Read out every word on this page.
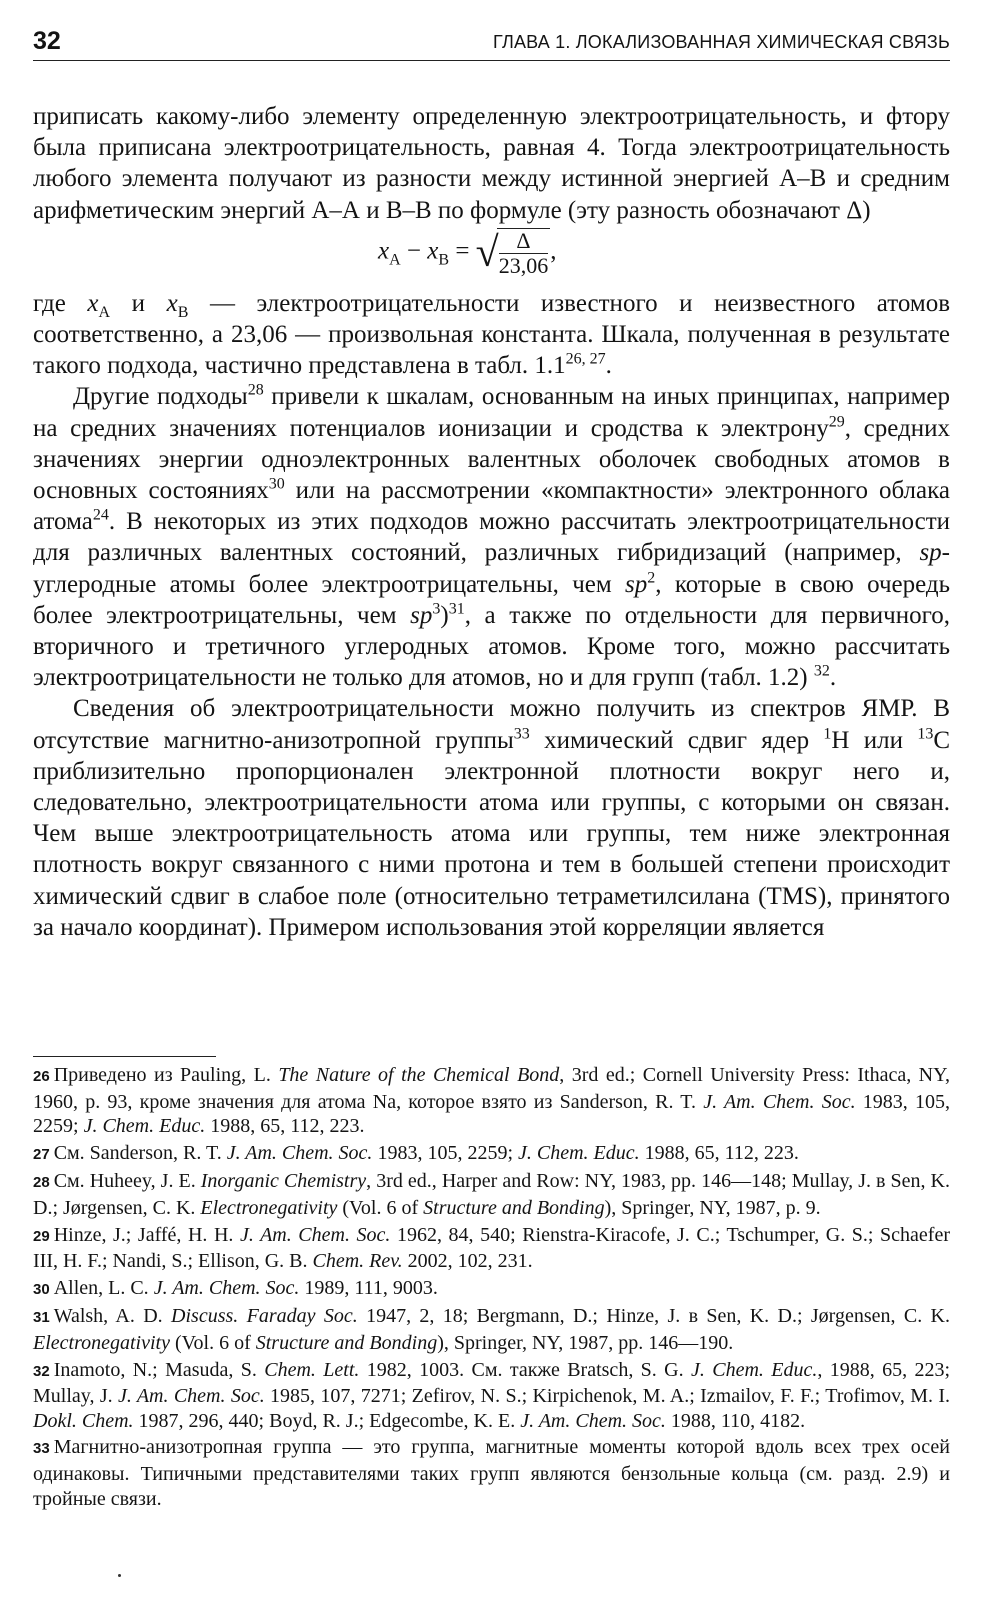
32	ГЛАВА 1. ЛОКАЛИЗОВАННАЯ ХИМИЧЕСКАЯ СВЯЗЬ

приписать какому-либо элементу определенную электроотрицательность, и фтору была приписана электроотрицательность, равная 4. Тогда электроотрицательность любого элемента получают из разности между истинной энергией А–В и средним арифметическим энергий А–А и В–В по формуле (эту разность обозначают Δ)

$x_A - x_B$ = √
$\frac{\Delta}{23,06}$ ,

где $x_A$ и $x_B$ — электроотрицательности известного и неизвестного атомов соответственно, а 23,06 — произвольная константа. Шкала, полученная в результате такого подхода, частично представлена в табл. 1.1$^{26, 27}$.

Другие подходы$^{28}$ привели к шкалам, основанным на иных принципах, например на средних значениях потенциалов ионизации и сродства к электрону$^{29}$, средних значениях энергии одноэлектронных валентных оболочек свободных атомов в основных состояниях$^{30}$ или на рассмотрении «компактности» электронного облака атома$^{24}$. В некоторых из этих подходов можно рассчитать электроотрицательности для различных валентных состояний, различных гибридизаций (например, sp-углеродные атомы более электроотрицательны, чем $sp^2$, которые в свою очередь более электроотрицательны, чем $sp^3)^{31}$, а также по отдельности для первичного, вторичного и третичного углеродных атомов. Кроме того, можно рассчитать электроотрицательности не только для атомов, но и для групп (табл. 1.2) $^{32}$.

Сведения об электроотрицательности можно получить из спектров ЯМР. В отсутствие магнитно-анизотропной группы$^{33}$ химический сдвиг ядер $^1$H или $^{13}$C приблизительно пропорционален электронной плотности вокруг него и, следовательно, электроотрицательности атома или группы, с которыми он связан. Чем выше электроотрицательность атома или группы, тем ниже электронная плотность вокруг связанного с ними протона и тем в большей степени происходит химический сдвиг в слабое поле (относительно тетраметилсилана (TMS), принятого за начало координат). Примером использования этой корреляции является

26 Приведено из Pauling, L. The Nature of the Chemical Bond, 3rd ed.; Cornell University Press: Ithaca, NY, 1960, p. 93, кроме значения для атома Na, которое взято из Sanderson, R. T. J. Am. Chem. Soc. 1983, 105, 2259; J. Chem. Educ. 1988, 65, 112, 223.

27 См. Sanderson, R. T. J. Am. Chem. Soc. 1983, 105, 2259; J. Chem. Educ. 1988, 65, 112, 223.

28 См. Huheey, J. E. Inorganic Chemistry, 3rd ed., Harper and Row: NY, 1983, pp. 146—148; Mullay, J. в Sen, K. D.; Jørgensen, C. K. Electronegativity (Vol. 6 of Structure and Bonding), Springer, NY, 1987, p. 9.

29 Hinze, J.; Jaffé, H. H. J. Am. Chem. Soc. 1962, 84, 540; Rienstra-Kiracofe, J. C.; Tschumper, G. S.; Schaefer III, H. F.; Nandi, S.; Ellison, G. B. Chem. Rev. 2002, 102, 231.

30 Allen, L. C. J. Am. Chem. Soc. 1989, 111, 9003.

31 Walsh, A. D. Discuss. Faraday Soc. 1947, 2, 18; Bergmann, D.; Hinze, J. в Sen, K. D.; Jørgensen, C. K. Electronegativity (Vol. 6 of Structure and Bonding), Springer, NY, 1987, pp. 146—190.

32 Inamoto, N.; Masuda, S. Chem. Lett. 1982, 1003. См. также Bratsch, S. G. J. Chem. Educ., 1988, 65, 223; Mullay, J. J. Am. Chem. Soc. 1985, 107, 7271; Zefirov, N. S.; Kirpichenok, M. A.; Izmailov, F. F.; Trofimov, M. I. Dokl. Chem. 1987, 296, 440; Boyd, R. J.; Edgecombe, K. E. J. Am. Chem. Soc. 1988, 110, 4182.

33 Магнитно-анизотропная группа — это группа, магнитные моменты которой вдоль всех трех осей одинаковы. Типичными представителями таких групп являются бензольные кольца (см. разд. 2.9) и тройные связи.
